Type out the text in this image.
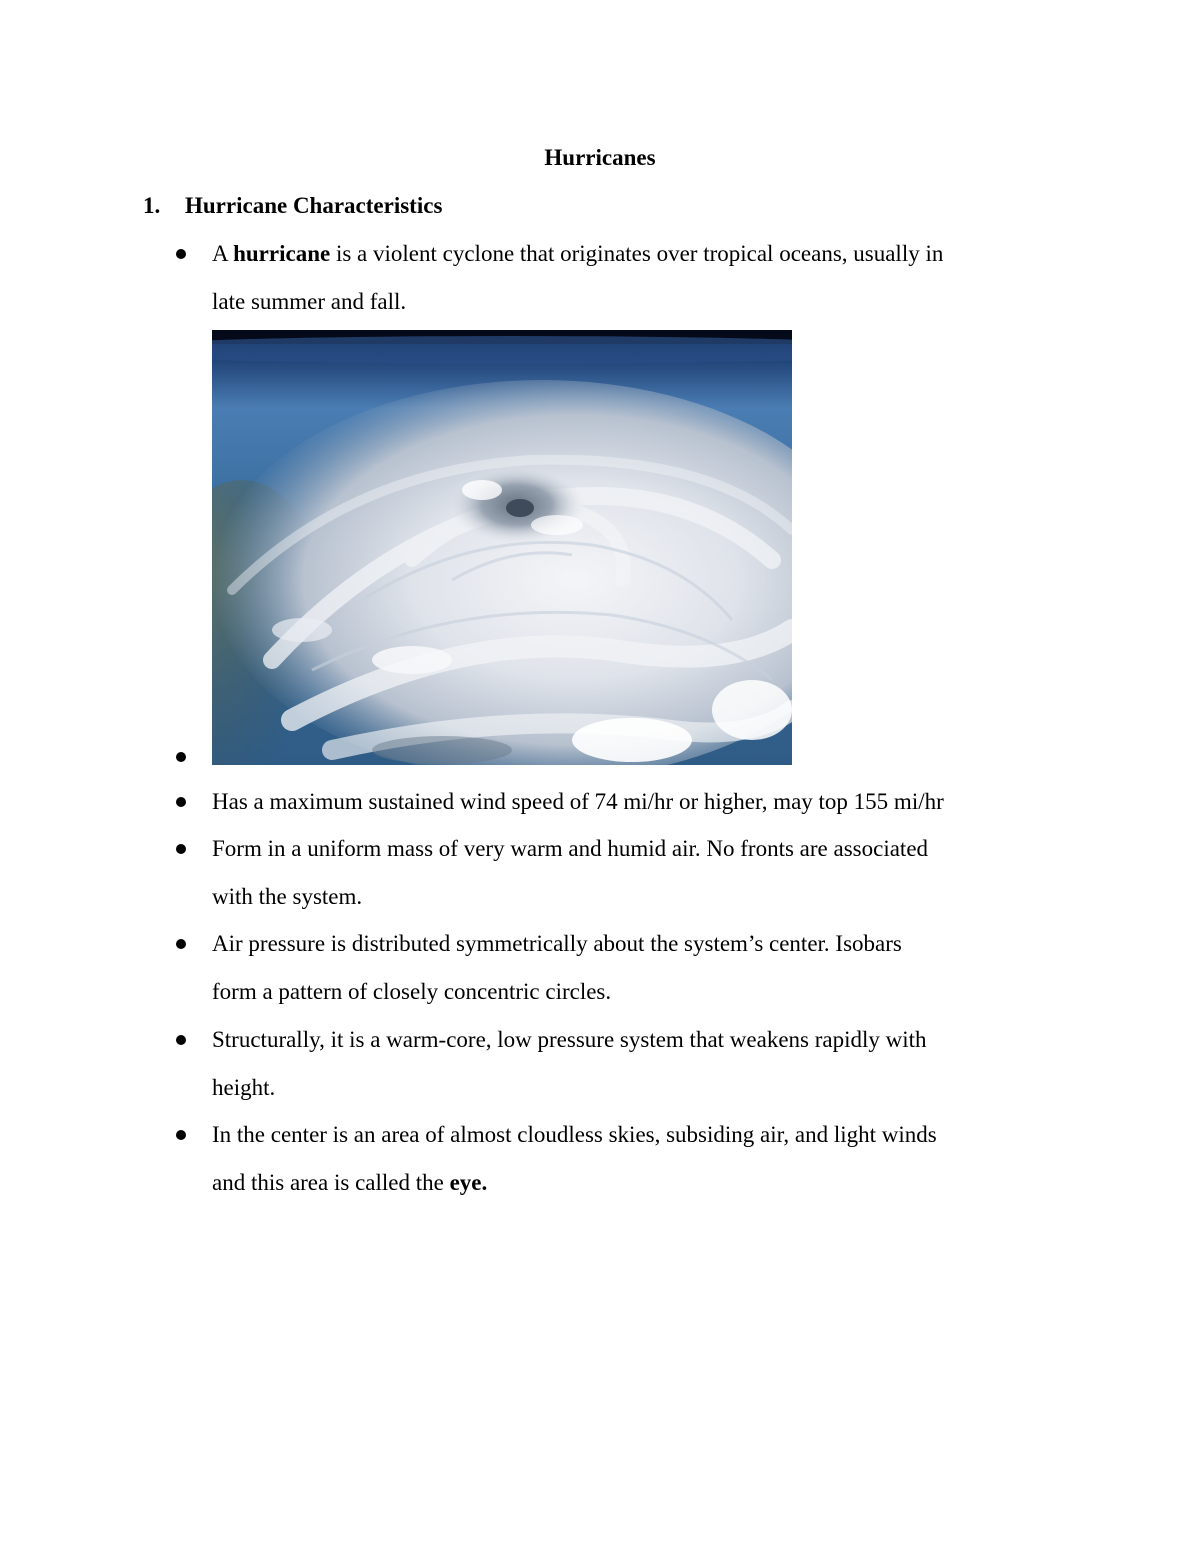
Hurricanes
1. Hurricane Characteristics
A hurricane is a violent cyclone that originates over tropical oceans, usually in
late summer and fall.
Has a maximum sustained wind speed of 74 mi/hr or higher, may top 155 mi/hr
Form in a uniform mass of very warm and humid air. No fronts are associated
with the system.
Air pressure is distributed symmetrically about the system’s center. Isobars
form a pattern of closely concentric circles.
Structurally, it is a warm-core, low pressure system that weakens rapidly with
height.
In the center is an area of almost cloudless skies, subsiding air, and light winds
and this area is called the eye.
